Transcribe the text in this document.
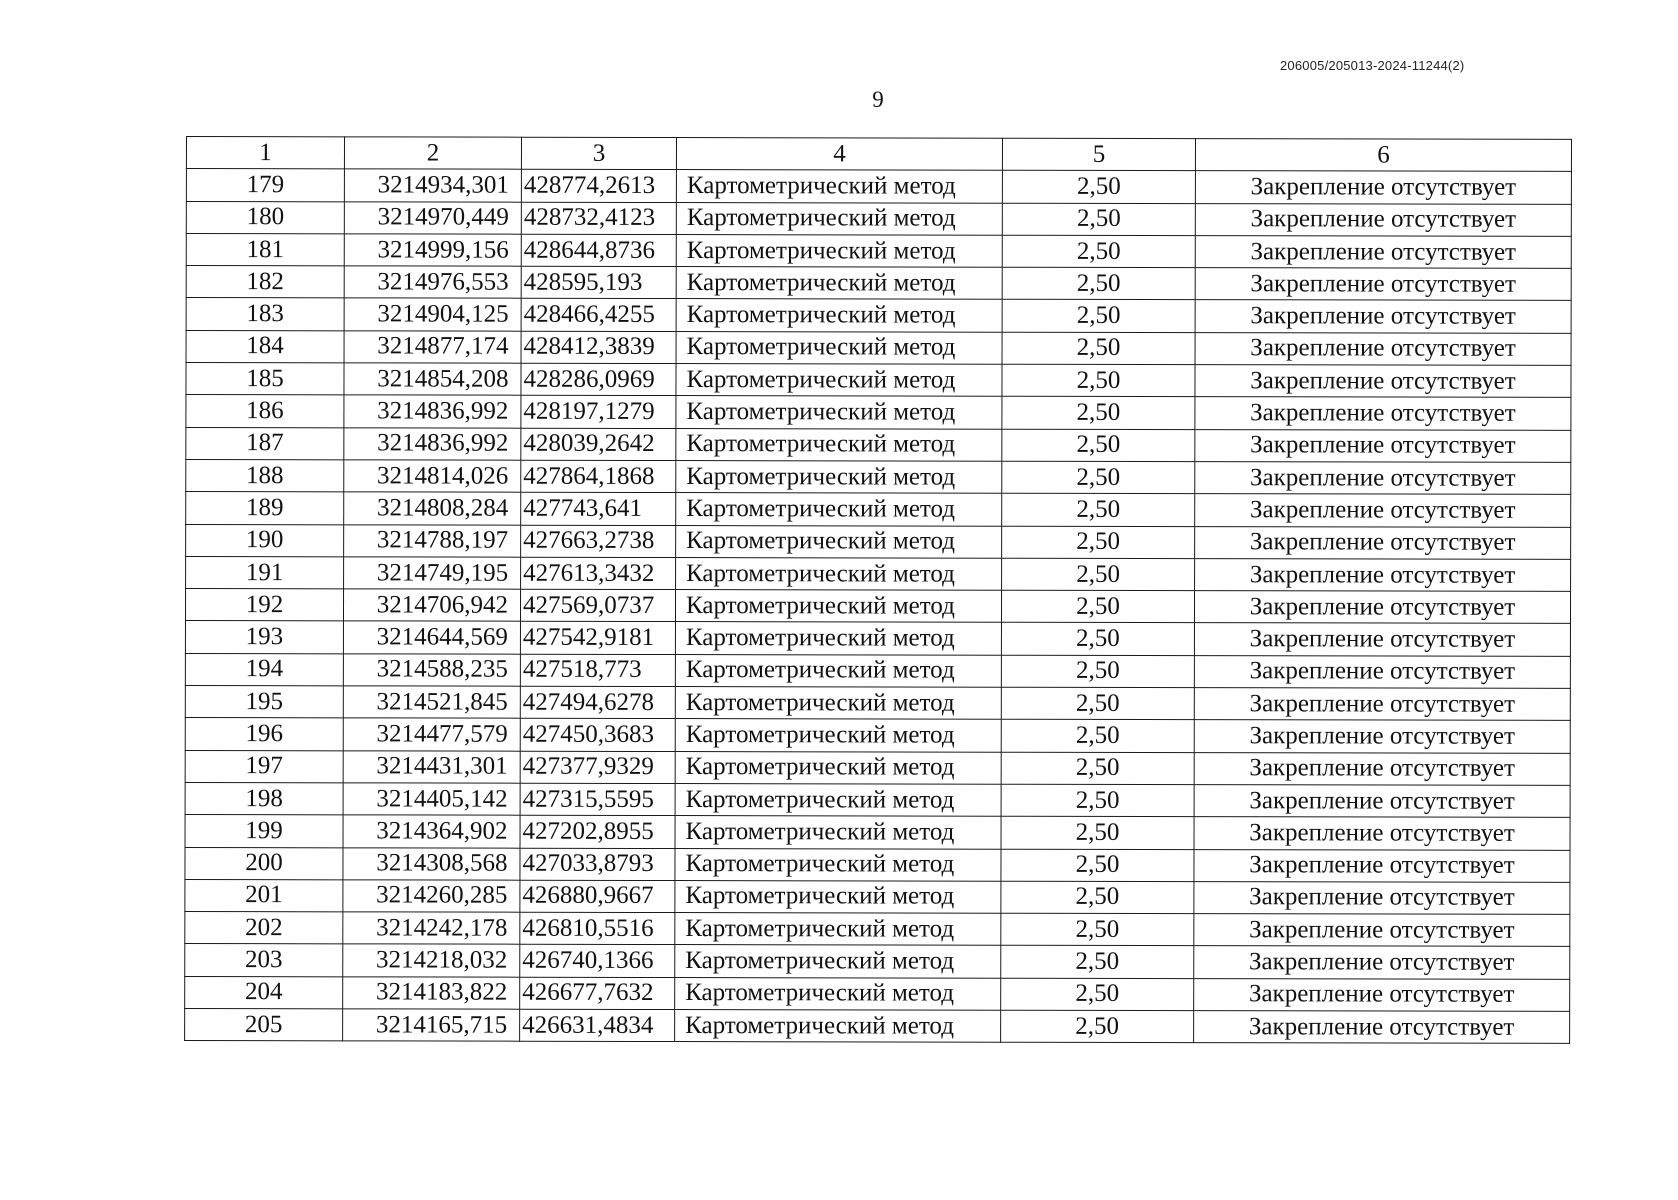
206005/205013-2024-11244(2)
9
1	2	3	4	5	6
179	3214934,301	428774,2613	Картометрический метод	2,50	Закрепление отсутствует
180	3214970,449	428732,4123	Картометрический метод	2,50	Закрепление отсутствует
181	3214999,156	428644,8736	Картометрический метод	2,50	Закрепление отсутствует
182	3214976,553	428595,193	Картометрический метод	2,50	Закрепление отсутствует
183	3214904,125	428466,4255	Картометрический метод	2,50	Закрепление отсутствует
184	3214877,174	428412,3839	Картометрический метод	2,50	Закрепление отсутствует
185	3214854,208	428286,0969	Картометрический метод	2,50	Закрепление отсутствует
186	3214836,992	428197,1279	Картометрический метод	2,50	Закрепление отсутствует
187	3214836,992	428039,2642	Картометрический метод	2,50	Закрепление отсутствует
188	3214814,026	427864,1868	Картометрический метод	2,50	Закрепление отсутствует
189	3214808,284	427743,641	Картометрический метод	2,50	Закрепление отсутствует
190	3214788,197	427663,2738	Картометрический метод	2,50	Закрепление отсутствует
191	3214749,195	427613,3432	Картометрический метод	2,50	Закрепление отсутствует
192	3214706,942	427569,0737	Картометрический метод	2,50	Закрепление отсутствует
193	3214644,569	427542,9181	Картометрический метод	2,50	Закрепление отсутствует
194	3214588,235	427518,773	Картометрический метод	2,50	Закрепление отсутствует
195	3214521,845	427494,6278	Картометрический метод	2,50	Закрепление отсутствует
196	3214477,579	427450,3683	Картометрический метод	2,50	Закрепление отсутствует
197	3214431,301	427377,9329	Картометрический метод	2,50	Закрепление отсутствует
198	3214405,142	427315,5595	Картометрический метод	2,50	Закрепление отсутствует
199	3214364,902	427202,8955	Картометрический метод	2,50	Закрепление отсутствует
200	3214308,568	427033,8793	Картометрический метод	2,50	Закрепление отсутствует
201	3214260,285	426880,9667	Картометрический метод	2,50	Закрепление отсутствует
202	3214242,178	426810,5516	Картометрический метод	2,50	Закрепление отсутствует
203	3214218,032	426740,1366	Картометрический метод	2,50	Закрепление отсутствует
204	3214183,822	426677,7632	Картометрический метод	2,50	Закрепление отсутствует
205	3214165,715	426631,4834	Картометрический метод	2,50	Закрепление отсутствует
